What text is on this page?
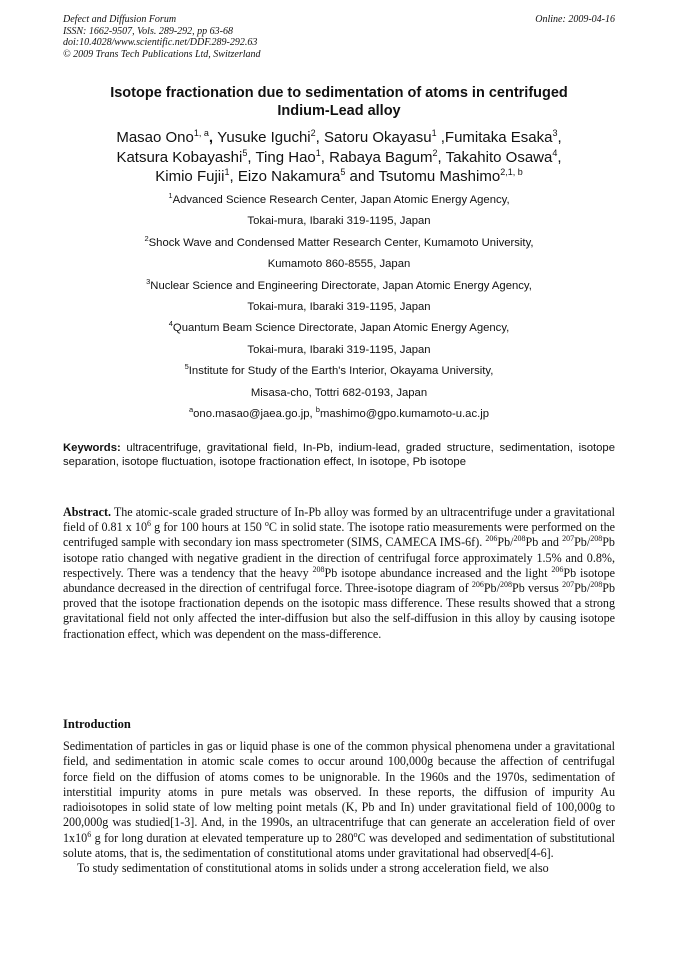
Defect and Diffusion Forum
ISSN: 1662-9507, Vols. 289-292, pp 63-68
doi:10.4028/www.scientific.net/DDF.289-292.63
© 2009 Trans Tech Publications Ltd, Switzerland
Online: 2009-04-16
Isotope fractionation due to sedimentation of atoms in centrifuged
Indium-Lead alloy
Masao Ono$^{1, a}$, Yusuke Iguchi$^2$, Satoru Okayasu$^1$ ,Fumitaka Esaka$^3$,
Katsura Kobayashi$^5$, Ting Hao$^1$, Rabaya Bagum$^2$, Takahito Osawa$^4$,
Kimio Fujii$^1$, Eizo Nakamura$^5$ and Tsutomu Mashimo$^{2,1, b}$
$^1$Advanced Science Research Center, Japan Atomic Energy Agency,
Tokai-mura, Ibaraki 319-1195, Japan
$^2$Shock Wave and Condensed Matter Research Center, Kumamoto University,
Kumamoto 860-8555, Japan
$^3$Nuclear Science and Engineering Directorate, Japan Atomic Energy Agency,
Tokai-mura, Ibaraki 319-1195, Japan
$^4$Quantum Beam Science Directorate, Japan Atomic Energy Agency,
Tokai-mura, Ibaraki 319-1195, Japan
$^5$Institute for Study of the Earth's Interior, Okayama University,
Misasa-cho, Tottri 682-0193, Japan
$^a$ono.masao@jaea.go.jp, $^b$mashimo@gpo.kumamoto-u.ac.jp
Keywords: ultracentrifuge, gravitational field, In-Pb, indium-lead, graded structure, sedimentation, isotope separation, isotope fluctuation, isotope fractionation effect, In isotope, Pb isotope
Abstract. The atomic-scale graded structure of In-Pb alloy was formed by an ultracentrifuge under a gravitational field of 0.81 x $10^6$ g for 100 hours at 150 $^o$C in solid state. The isotope ratio measurements were performed on the centrifuged sample with secondary ion mass spectrometer (SIMS, CAMECA IMS-6f). $^{206}$Pb/$^{208}$Pb and $^{207}$Pb/$^{208}$Pb isotope ratio changed with negative gradient in the direction of centrifugal force approximately 1.5% and 0.8%, respectively. There was a tendency that the heavy $^{208}$Pb isotope abundance increased and the light $^{206}$Pb isotope abundance decreased in the direction of centrifugal force. Three-isotope diagram of $^{206}$Pb/$^{208}$Pb versus $^{207}$Pb/$^{208}$Pb proved that the isotope fractionation depends on the isotopic mass difference. These results showed that a strong gravitational field not only affected the inter-diffusion but also the self-diffusion in this alloy by causing isotope fractionation effect, which was dependent on the mass-difference.
Introduction

Sedimentation of particles in gas or liquid phase is one of the common physical phenomena under a gravitational field, and sedimentation in atomic scale comes to occur around 100,000g because the affection of centrifugal force field on the diffusion of atoms comes to be unignorable. In the 1960s and the 1970s, sedimentation of interstitial impurity atoms in pure metals was observed. In these reports, the diffusion of impurity Au radioisotopes in solid state of low melting point metals (K, Pb and In) under gravitational field of 100,000g to 200,000g was studied[1-3]. And, in the 1990s, an ultracentrifuge that can generate an acceleration field of over $1x10^6$ g for long duration at elevated temperature up to 280$^o$C was developed and sedimentation of substitutional solute atoms, that is, the sedimentation of constitutional atoms under gravitational had observed[4-6].

To study sedimentation of constitutional atoms in solids under a strong acceleration field, we also
